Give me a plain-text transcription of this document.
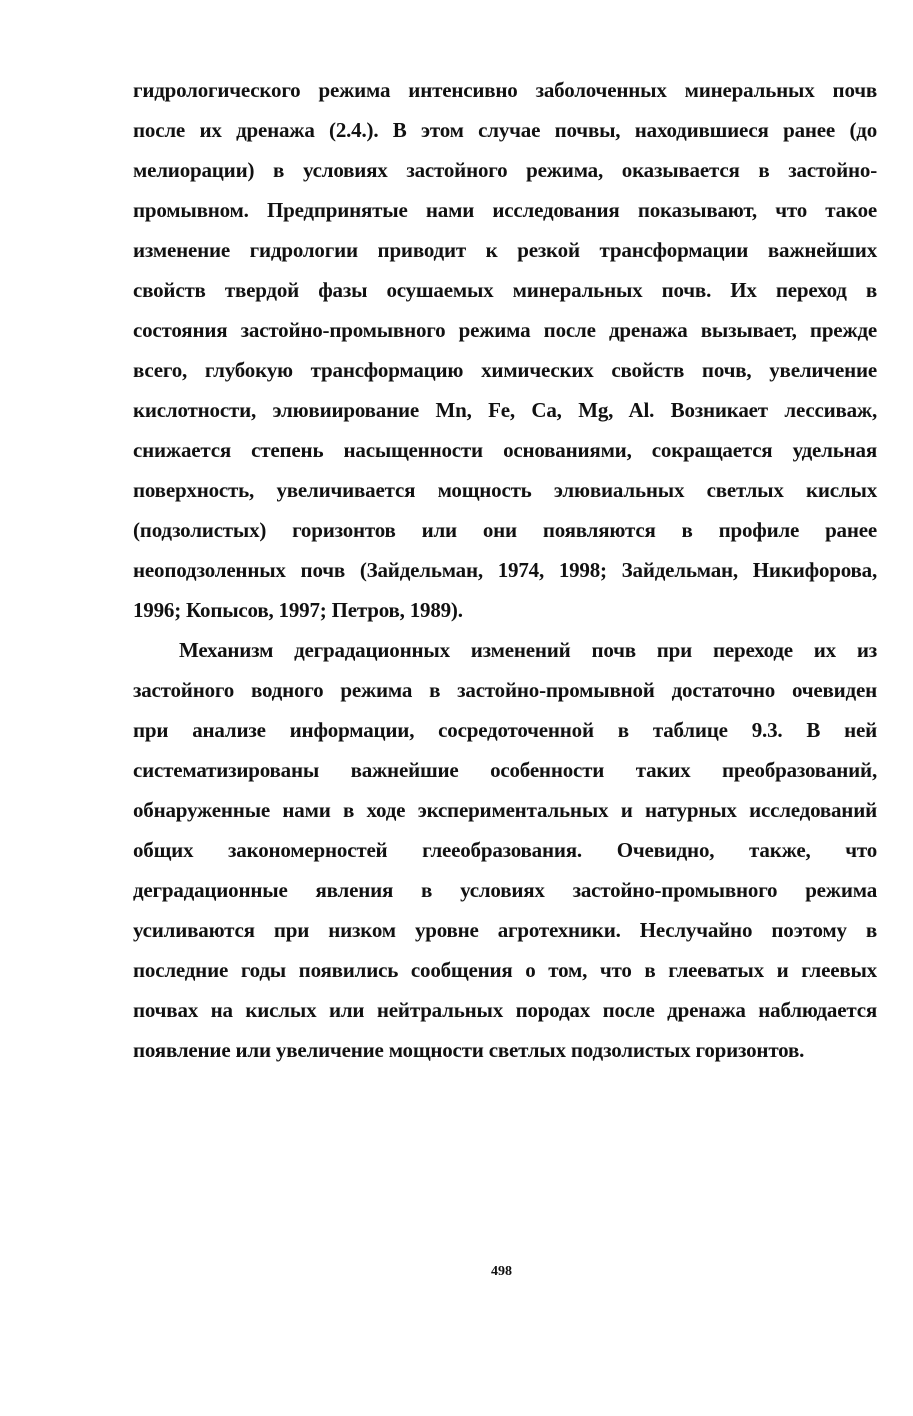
гидрологического режима интенсивно заболоченных минеральных почв
после их дренажа (2.4.). В этом случае почвы, находившиеся ранее (до
мелиорации) в условиях застойного режима, оказывается в застойно-
промывном. Предпринятые нами исследования показывают, что такое
изменение гидрологии приводит к резкой трансформации важнейших
свойств твердой фазы осушаемых минеральных почв. Их переход в
состояния застойно-промывного режима после дренажа вызывает, прежде
всего, глубокую трансформацию химических свойств почв, увеличение
кислотности, элювиирование Mn, Fe, Ca, Mg, Al. Возникает лессиваж,
снижается степень насыщенности основаниями, сокращается удельная
поверхность, увеличивается мощность элювиальных светлых кислых
(подзолистых) горизонтов или они появляются в профиле ранее
неоподзоленных почв (Зайдельман, 1974, 1998; Зайдельман, Никифорова,
1996; Копысов, 1997; Петров, 1989).
Механизм деградационных изменений почв при переходе их из
застойного водного режима в застойно-промывной достаточно очевиден
при анализе информации, сосредоточенной в таблице 9.3. В ней
систематизированы важнейшие особенности таких преобразований,
обнаруженные нами в ходе экспериментальных и натурных исследований
общих закономерностей глееобразования. Очевидно, также, что
деградационные явления в условиях застойно-промывного режима
усиливаются при низком уровне агротехники. Неслучайно поэтому в
последние годы появились сообщения о том, что в глееватых и глеевых
почвах на кислых или нейтральных породах после дренажа наблюдается
появление или увеличение мощности светлых подзолистых горизонтов.
498
